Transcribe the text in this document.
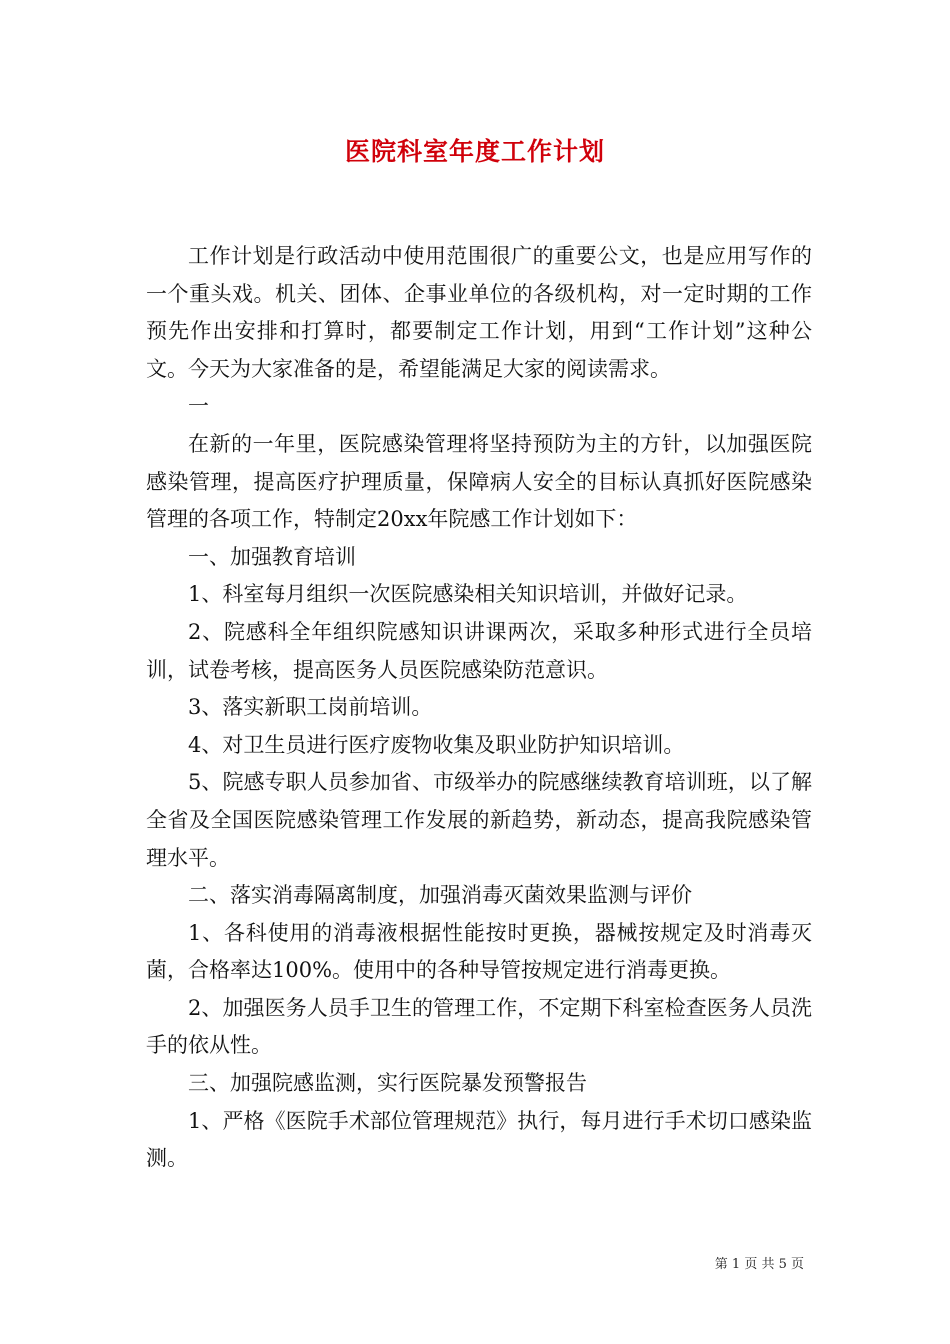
医院科室年度工作计划

工作计划是行政活动中使用范围很广的重要公文，也是应用写作的一个重头戏。机关、团体、企事业单位的各级机构，对一定时期的工作预先作出安排和打算时，都要制定工作计划，用到“工作计划”这种公文。今天为大家准备的是，希望能满足大家的阅读需求。

一

在新的一年里，医院感染管理将坚持预防为主的方针，以加强医院感染管理，提高医疗护理质量，保障病人安全的目标认真抓好医院感染管理的各项工作，特制定20xx年院感工作计划如下：

一、加强教育培训

1、科室每月组织一次医院感染相关知识培训，并做好记录。

2、院感科全年组织院感知识讲课两次，采取多种形式进行全员培训，试卷考核，提高医务人员医院感染防范意识。

3、落实新职工岗前培训。

4、对卫生员进行医疗废物收集及职业防护知识培训。

5、院感专职人员参加省、市级举办的院感继续教育培训班，以了解全省及全国医院感染管理工作发展的新趋势，新动态，提高我院感染管理水平。

二、落实消毒隔离制度，加强消毒灭菌效果监测与评价

1、各科使用的消毒液根据性能按时更换，器械按规定及时消毒灭菌，合格率达100%。使用中的各种导管按规定进行消毒更换。

2、加强医务人员手卫生的管理工作，不定期下科室检查医务人员洗手的依从性。

三、加强院感监测，实行医院暴发预警报告

1、严格《医院手术部位管理规范》执行，每月进行手术切口感染监测。

第 1 页 共 5 页
